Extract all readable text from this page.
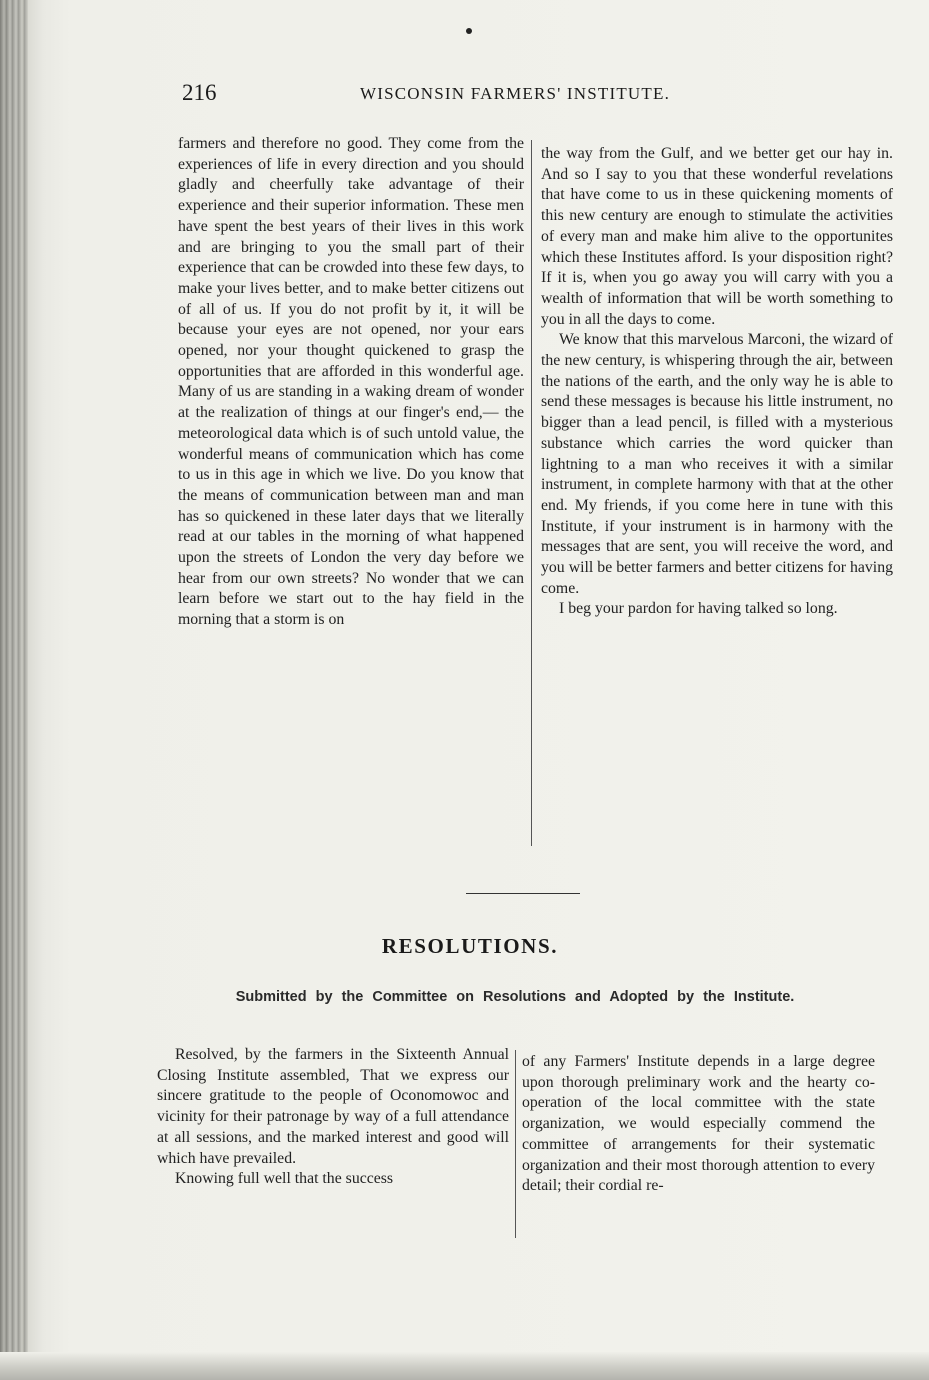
216	WISCONSIN FARMERS' INSTITUTE.

farmers and therefore no good. They come from the experiences of life in every direction and you should gladly and cheerfully take advantage of their experience and their superior information. These men have spent the best years of their lives in this work and are bringing to you the small part of their experience that can be crowded into these few days, to make your lives better, and to make better citizens out of all of us. If you do not profit by it, it will be because your eyes are not opened, nor your ears opened, nor your thought quickened to grasp the opportunities that are afforded in this wonderful age. Many of us are standing in a waking dream of wonder at the realization of things at our finger's end,— the meteorological data which is of such untold value, the wonderful means of communication which has come to us in this age in which we live. Do you know that the means of communication between man and man has so quickened in these later days that we literally read at our tables in the morning of what happened upon the streets of London the very day before we hear from our own streets? No wonder that we can learn before we start out to the hay field in the morning that a storm is on

the way from the Gulf, and we better get our hay in. And so I say to you that these wonderful revelations that have come to us in these quickening moments of this new century are enough to stimulate the activities of every man and make him alive to the opportunites which these Institutes afford. Is your disposition right? If it is, when you go away you will carry with you a wealth of information that will be worth something to you in all the days to come.

We know that this marvelous Marconi, the wizard of the new century, is whispering through the air, between the nations of the earth, and the only way he is able to send these messages is because his little instrument, no bigger than a lead pencil, is filled with a mysterious substance which carries the word quicker than lightning to a man who receives it with a similar instrument, in complete harmony with that at the other end. My friends, if you come here in tune with this Institute, if your instrument is in harmony with the messages that are sent, you will receive the word, and you will be better farmers and better citizens for having come.

I beg your pardon for having talked so long.

RESOLUTIONS.
Submitted by the Committee on Resolutions and Adopted by the Institute.

Resolved, by the farmers in the Sixteenth Annual Closing Institute assembled, That we express our sincere gratitude to the people of Oconomowoc and vicinity for their patronage by way of a full attendance at all sessions, and the marked interest and good will which have prevailed.

Knowing full well that the success

of any Farmers' Institute depends in a large degree upon thorough preliminary work and the hearty co-operation of the local committee with the state organization, we would especially commend the committee of arrangements for their systematic organization and their most thorough attention to every detail; their cordial re-
